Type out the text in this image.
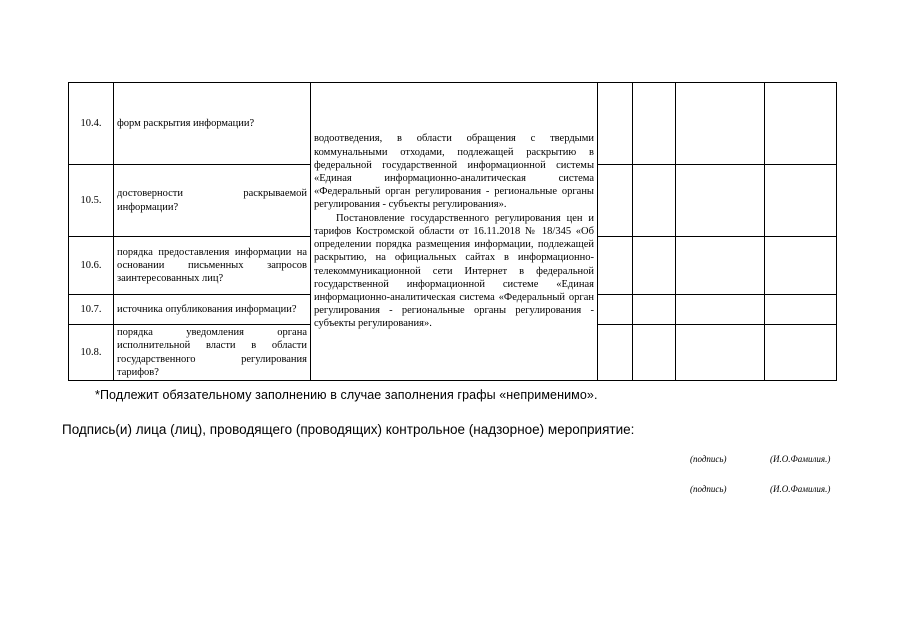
10.4.	форм раскрытия информации?	водоотведения, в области обращения с твердыми коммунальными отходами, подлежащей раскрытию в федеральной государственной информационной системы «Единая информационно-аналитическая система «Федеральный орган регулирования - региональные органы регулирования - субъекты регулирования».

Постановление государственного регулирования цен и тарифов Костромской области от 16.11.2018 № 18/345 «Об определении порядка размещения информации, подлежащей раскрытию, на официальных сайтах в информационно-телекоммуникационной сети Интернет в федеральной государственной информационной системе «Единая информационно-аналитическая система «Федеральный орган регулирования - региональные органы регулирования - субъекты регулирования».				

10.5.	достоверности раскрываемой информации?					
10.6.	порядка предоставления информации на основании письменных запросов заинтересованных лиц?					
10.7.	источника опубликования информации?					
10.8.	порядка уведомления органа исполнительной власти в области государственного регулирования тарифов?					
*Подлежит обязательному заполнению в случае заполнения графы «неприменимо».
Подпись(и) лица (лиц), проводящего (проводящих) контрольное (надзорное) мероприятие:
(подпись)	(И.О.Фамилия.)
(подпись)	(И.О.Фамилия.)
